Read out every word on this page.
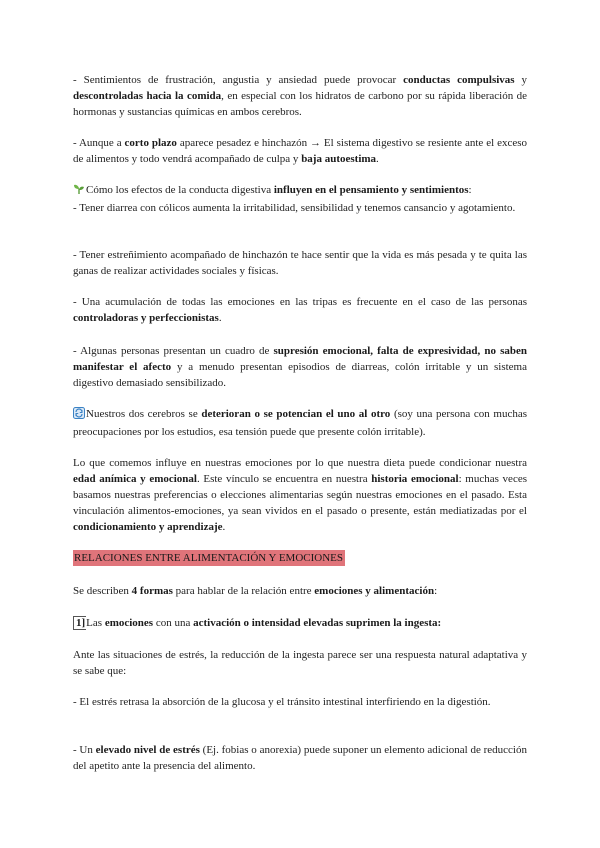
- Sentimientos de frustración, angustia y ansiedad puede provocar conductas compulsivas y descontroladas hacia la comida, en especial con los hidratos de carbono por su rápida liberación de hormonas y sustancias químicas en ambos cerebros.

- Aunque a corto plazo aparece pesadez e hinchazón → El sistema digestivo se resiente ante el exceso de alimentos y todo vendrá acompañado de culpa y baja autoestima.

Cómo los efectos de la conducta digestiva influyen en el pensamiento y sentimientos:
- Tener diarrea con cólicos aumenta la irritabilidad, sensibilidad y tenemos cansancio y agotamiento.

- Tener estreñimiento acompañado de hinchazón te hace sentir que la vida es más pesada y te quita las ganas de realizar actividades sociales y físicas.

- Una acumulación de todas las emociones en las tripas es frecuente en el caso de las personas controladoras y perfeccionistas.

- Algunas personas presentan un cuadro de supresión emocional, falta de expresividad, no saben manifestar el afecto y a menudo presentan episodios de diarreas, colón irritable y un sistema digestivo demasiado sensibilizado.

Nuestros dos cerebros se deterioran o se potencian el uno al otro (soy una persona con muchas preocupaciones por los estudios, esa tensión puede que presente colón irritable).

Lo que comemos influye en nuestras emociones por lo que nuestra dieta puede condicionar nuestra edad anímica y emocional. Este vínculo se encuentra en nuestra historia emocional: muchas veces basamos nuestras preferencias o elecciones alimentarias según nuestras emociones en el pasado. Esta vinculación alimentos-emociones, ya sean vividos en el pasado o presente, están mediatizadas por el condicionamiento y aprendizaje.

RELACIONES ENTRE ALIMENTACIÓN Y EMOCIONES

Se describen 4 formas para hablar de la relación entre emociones y alimentación:

1]Las emociones con una activación o intensidad elevadas suprimen la ingesta:

Ante las situaciones de estrés, la reducción de la ingesta parece ser una respuesta natural adaptativa y se sabe que:

- El estrés retrasa la absorción de la glucosa y el tránsito intestinal interfiriendo en la digestión.

- Un elevado nivel de estrés (Ej. fobias o anorexia) puede suponer un elemento adicional de reducción del apetito ante la presencia del alimento.
